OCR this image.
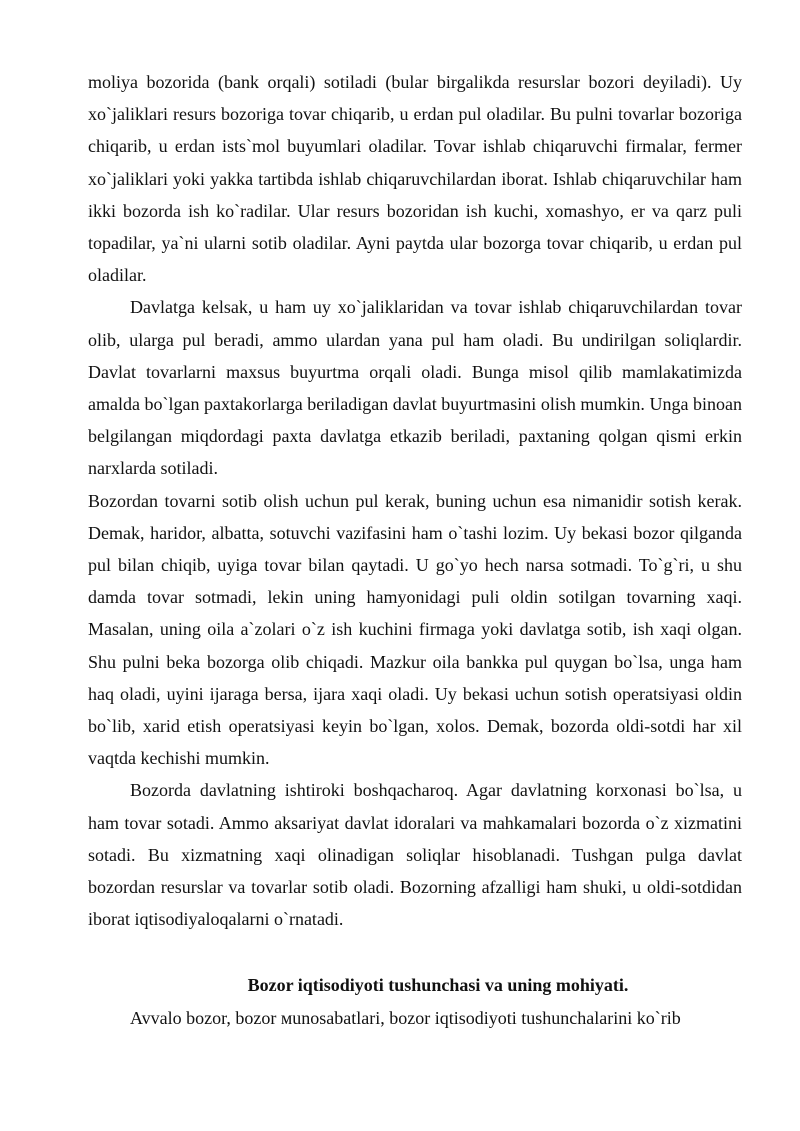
moliya bozorida (bank orqali) sotiladi (bular birgalikda resurslar bozori deyiladi). Uy xo`jaliklari resurs bozoriga tovar chiqarib, u erdan pul oladilar. Bu pulni tovarlar bozoriga chiqarib, u erdan ists`mol buyumlari oladilar. Tovar ishlab chiqaruvchi firmalar, fermer xo`jaliklari yoki yakka tartibda ishlab chiqaruvchilardan iborat. Ishlab chiqaruvchilar ham ikki bozorda ish ko`radilar. Ular resurs bozoridan ish kuchi, xomashyo, er va qarz puli topadilar, ya`ni ularni sotib oladilar. Ayni paytda ular bozorga tovar chiqarib, u erdan pul oladilar.

Davlatga kelsak, u ham uy xo`jaliklaridan va tovar ishlab chiqaruvchilardan tovar olib, ularga pul beradi, ammo ulardan yana pul ham oladi. Bu undirilgan soliqlardir. Davlat tovarlarni maxsus buyurtma orqali oladi. Bunga misol qilib mamlakatimizda amalda bo`lgan paxtakorlarga beriladigan davlat buyurtmasini olish mumkin. Unga binoan belgilangan miqdordagi paxta davlatga etkazib beriladi, paxtaning qolgan qismi erkin narxlarda sotiladi.

Bozordan tovarni sotib olish uchun pul kerak, buning uchun esa nimanidir sotish kerak. Demak, haridor, albatta, sotuvchi vazifasini ham o`tashi lozim. Uy bekasi bozor qilganda pul bilan chiqib, uyiga tovar bilan qaytadi. U go`yo hech narsa sotmadi. To`g`ri, u shu damda tovar sotmadi, lekin uning hamyonidagi puli oldin sotilgan tovarning xaqi. Masalan, uning oila a`zolari o`z ish kuchini firmaga yoki davlatga sotib, ish xaqi olgan. Shu pulni beka bozorga olib chiqadi. Mazkur oila bankka pul quygan bo`lsa, unga ham haq oladi, uyini ijaraga bersa, ijara xaqi oladi. Uy bekasi uchun sotish operatsiyasi oldin bo`lib, xarid etish operatsiyasi keyin bo`lgan, xolos. Demak, bozorda oldi-sotdi har xil vaqtda kechishi mumkin.

Bozorda davlatning ishtiroki boshqacharoq. Agar davlatning korxonasi bo`lsa, u ham tovar sotadi. Ammo aksariyat davlat idoralari va mahkamalari bozorda o`z xizmatini sotadi. Bu xizmatning xaqi olinadigan soliqlar hisoblanadi. Tushgan pulga davlat bozordan resurslar va tovarlar sotib oladi. Bozorning afzalligi ham shuki, u oldi-sotdidan iborat iqtisodiyaloqalarni o`rnatadi.

Bozor iqtisodiyoti tushunchasi va uning mohiyati.

Avvalo bozor, bozor мunosabatlari, bozor iqtisodiyoti tushunchalarini ko`rib
